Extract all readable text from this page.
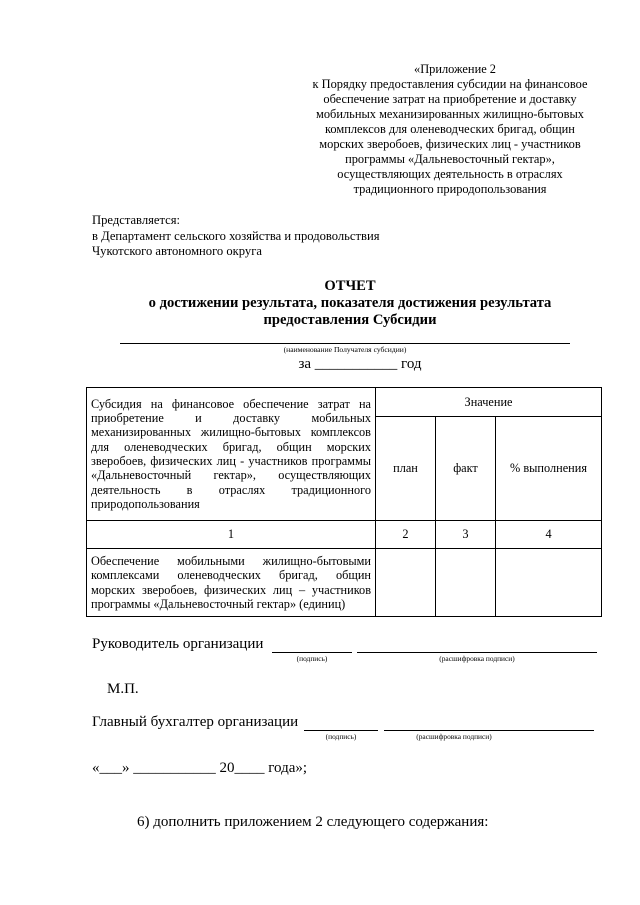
«Приложение 2
к Порядку предоставления субсидии на финансовое
обеспечение затрат на приобретение и доставку
мобильных механизированных жилищно-бытовых
комплексов для оленеводческих бригад, общин
морских зверобоев, физических лиц - участников
программы «Дальневосточный гектар»,
осуществляющих деятельность в отраслях
традиционного природопользования
Представляется:
в Департамент сельского хозяйства и продовольствия
Чукотского автономного округа
ОТЧЕТ
о достижении результата, показателя достижения результата
предоставления Субсидии
(наименование Получателя субсидии)
за ___________ год
Субсидия на финансовое обеспечение затрат на приобретение и доставку мобильных механизированных жилищно-бытовых комплексов для оленеводческих бригад, общин морских зверобоев, физических лиц - участников программы «Дальневосточный гектар», осуществляющих деятельность в отраслях традиционного природопользования	Значение		
	план	факт	% выполнения
1	2	3	4
Обеспечение мобильными жилищно-бытовыми комплексами оленеводческих бригад, общин морских зверобоев, физических лиц – участников программы «Дальневосточный гектар» (единиц)			
Руководитель организации
(подпись)	(расшифровка подписи)
М.П.
Главный бухгалтер организации
(подпись)	(расшифровка подписи)
«___» ___________ 20____ года»;
6) дополнить приложением 2 следующего содержания:
